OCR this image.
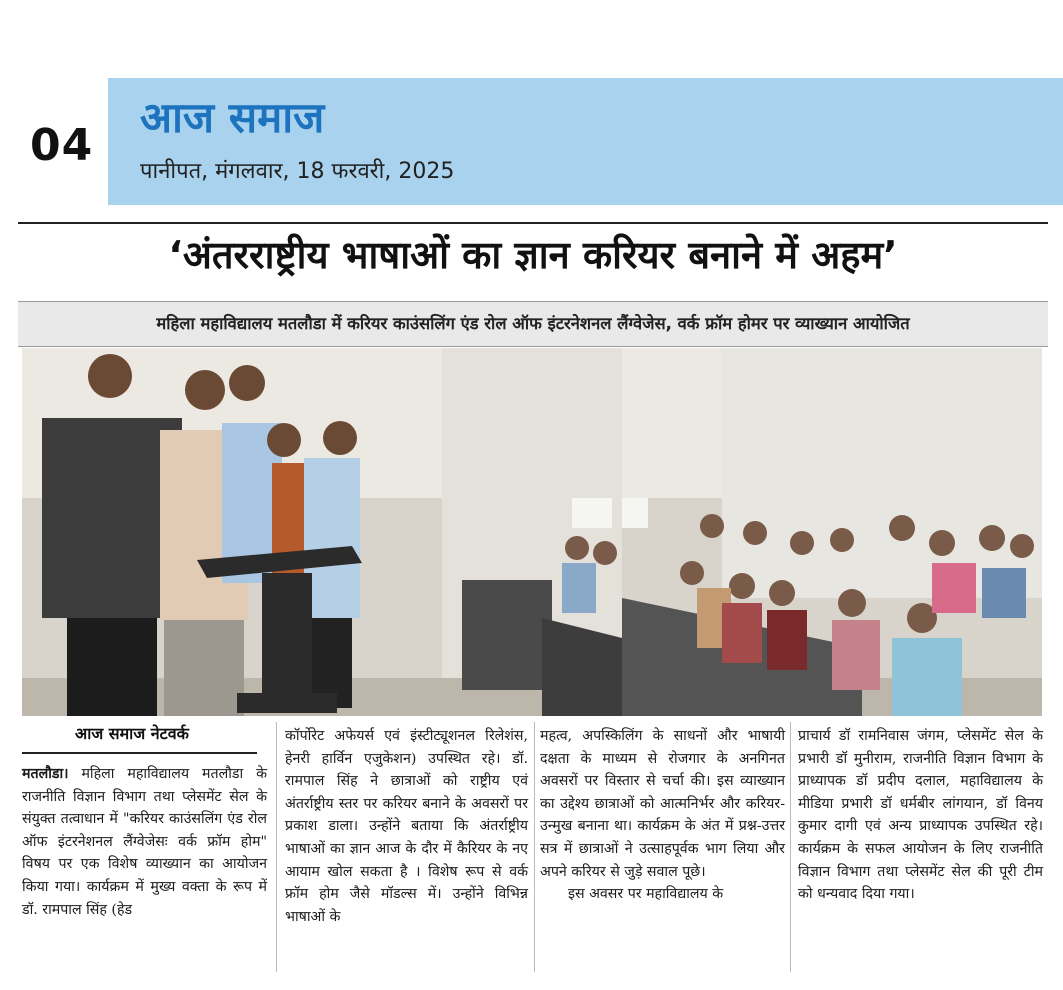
04
आज समाज
पानीपत, मंगलवार, 18 फरवरी, 2025
‘अंतरराष्ट्रीय भाषाओं का ज्ञान करियर बनाने में अहम’
महिला महाविद्यालय मतलौडा में करियर काउंसलिंग एंड रोल ऑफ इंटरनेशनल लैंग्वेजेस, वर्क फ्रॉम होमर पर व्याख्यान आयोजित
आज समाज नेटवर्क

मतलौडा। महिला महाविद्यालय मतलौडा के राजनीति विज्ञान विभाग तथा प्लेसमेंट सेल के संयुक्त तत्वाधान में "करियर काउंसलिंग एंड रोल ऑफ इंटरनेशनल लैंग्वेजेसः वर्क फ्रॉम होम" विषय पर एक विशेष व्याख्यान का आयोजन किया गया। कार्यक्रम में मुख्य वक्ता के रूप में डॉ. रामपाल सिंह (हेड

कॉर्पोरेट अफेयर्स एवं इंस्टीट्यूशनल रिलेशंस, हेनरी हार्विन एजुकेशन) उपस्थित रहे। डॉ. रामपाल सिंह ने छात्राओं को राष्ट्रीय एवं अंतर्राष्ट्रीय स्तर पर करियर बनाने के अवसरों पर प्रकाश डाला। उन्होंने बताया कि अंतर्राष्ट्रीय भाषाओं का ज्ञान आज के दौर में कैरियर के नए आयाम खोल सकता है । विशेष रूप से वर्क फ्रॉम होम जैसे मॉडल्स में। उन्होंने विभिन्न भाषाओं के

महत्व, अपस्किलिंग के साधनों और भाषायी दक्षता के माध्यम से रोजगार के अनगिनत अवसरों पर विस्तार से चर्चा की। इस व्याख्यान का उद्देश्य छात्राओं को आत्मनिर्भर और करियर-उन्मुख बनाना था। कार्यक्रम के अंत में प्रश्न-उत्तर सत्र में छात्राओं ने उत्साहपूर्वक भाग लिया और अपने करियर से जुड़े सवाल पूछे।

इस अवसर पर महाविद्यालय के

प्राचार्य डॉ रामनिवास जंगम, प्लेसमेंट सेल के प्रभारी डॉ मुनीराम, राजनीति विज्ञान विभाग के प्राध्यापक डॉ प्रदीप दलाल, महाविद्यालय के मीडिया प्रभारी डॉ धर्मबीर लांगयान, डॉ विनय कुमार दागी एवं अन्य प्राध्यापक उपस्थित रहे। कार्यक्रम के सफल आयोजन के लिए राजनीति विज्ञान विभाग तथा प्लेसमेंट सेल की पूरी टीम को धन्यवाद दिया गया।
